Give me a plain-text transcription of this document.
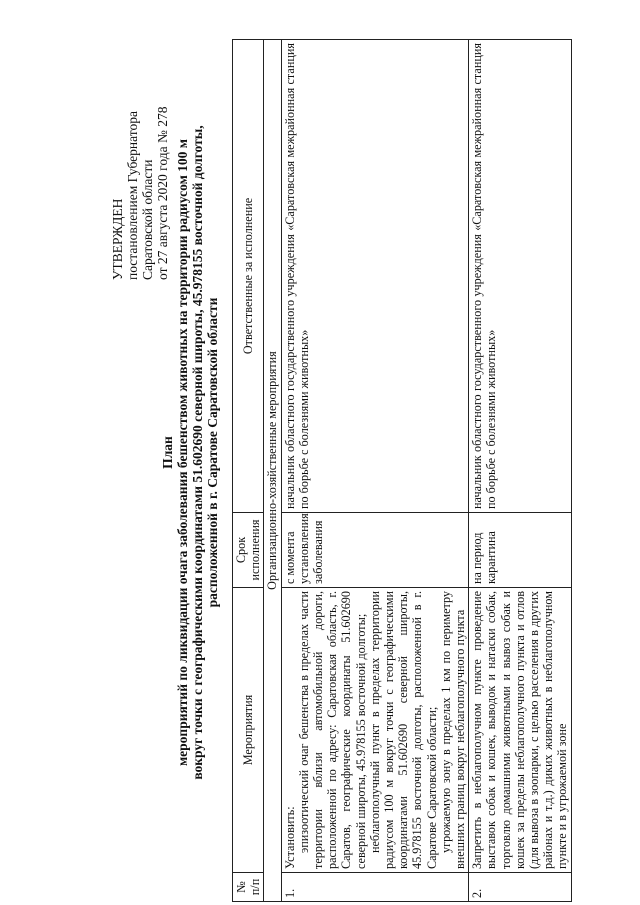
УТВЕРЖДЕН постановлением Губернатора Саратовской области от 27 августа 2020 года № 278
План мероприятий по ликвидации очага заболевания бешенством животных на территории радиусом 100 м вокруг точки с географическими координатами 51.602690 северной широты, 45.978155 восточной долготы, расположенной в г. Саратове Саратовской области
№ п/п	Мероприятия	Срок исполнения	Ответственные за исполнение
Организационно-хозяйственные мероприятия			
1.	Установить: эпизоотический очаг бешенства в пределах части территории вблизи автомобильной дороги, расположенной по адресу: Саратовская область, г. Саратов, географические координаты 51.602690 северной широты, 45.978155 восточной долготы; неблагополучный пункт в пределах территории радиусом 100 м вокруг точки с географическими координатами 51.602690 северной широты, 45.978155 восточной долготы, расположенной в г. Саратове Саратовской области; угрожаемую зону в пределах 1 км по периметру внешних границ вокруг неблагополучного пункта	с момента установления заболевания	начальник областного государственного учреждения «Саратовская межрайонная станция по борьбе с болезнями животных»
2.	Запретить в неблагополучном пункте проведение выставок собак и кошек, выводок и натаски собак, торговлю домашними животными и вывоз собак и кошек за пределы неблагополучного пункта и отлов (для вывоза в зоопарки, с целью расселения в других районах и т.д.) диких животных в неблагополучном пункте и в угрожаемой зоне	на период карантина	начальник областного государственного учреждения «Саратовская межрайонная станция по борьбе с болезнями животных»
